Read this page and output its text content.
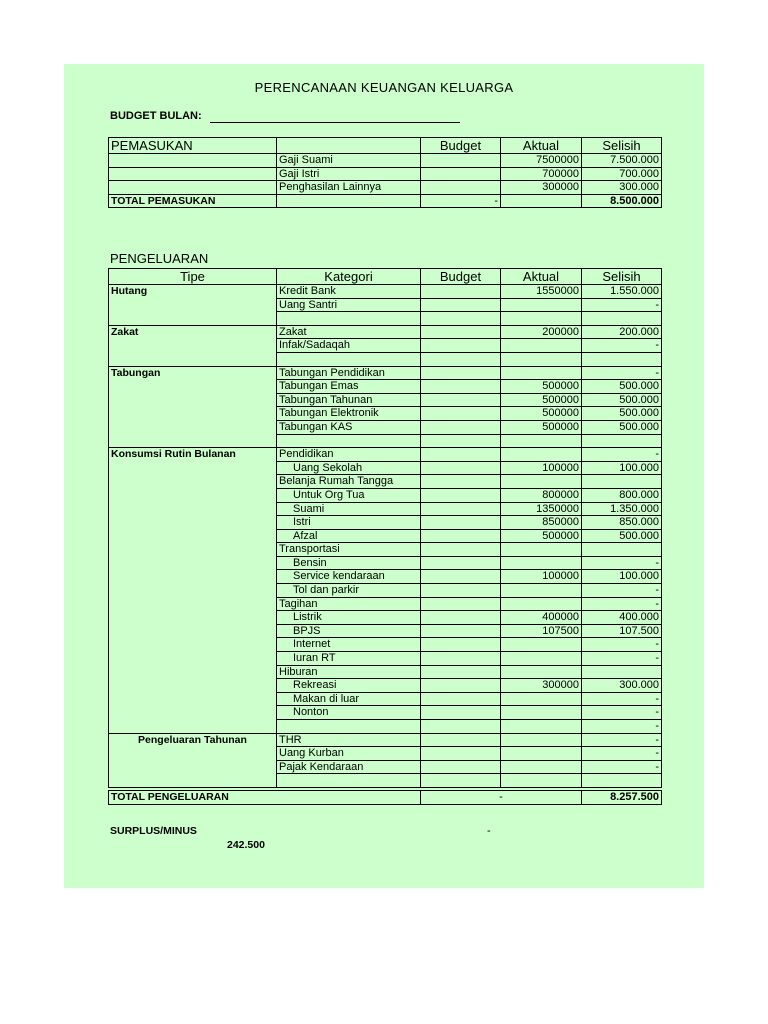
PERENCANAAN KEUANGAN KELUARGA
BUDGET BULAN:
PEMASUKAN		Budget	Aktual	Selisih
	Gaji Suami		7500000	7.500.000
	Gaji Istri		700000	700.000
	Penghasilan Lainnya		300000	300.000
TOTAL PEMASUKAN		-		8.500.000
PENGELUARAN
Tipe	Kategori	Budget	Aktual	Selisih
Hutang	Kredit Bank		1550000	1.550.000
	Uang Santri			-

Zakat	Zakat		200000	200.000
	Infak/Sadaqah			-

Tabungan	Tabungan Pendidikan			-
	Tabungan Emas		500000	500.000
	Tabungan Tahunan		500000	500.000
	Tabungan Elektronik		500000	500.000
	Tabungan KAS		500000	500.000

Konsumsi Rutin Bulanan	Pendidikan			-
	Uang Sekolah		100000	100.000
	Belanja Rumah Tangga			
	Untuk Org Tua		800000	800.000
	Suami		1350000	1.350.000
	Istri		850000	850.000
	Afzal		500000	500.000
	Transportasi			
	Bensin			-
	Service kendaraan		100000	100.000
	Tol dan parkir			-
	Tagihan			-
	Listrik		400000	400.000
	BPJS		107500	107.500
	Internet			-
	Iuran RT			-
	Hiburan			
	Rekreasi		300000	300.000
	Makan di luar			-
	Nonton			-
				-
Pengeluaran Tahunan	THR			-
	Uang Kurban			-
	Pajak Kendaraan			-

TOTAL PENGELUARAN		-		8.257.500
SURPLUS/MINUS	-
242.500
